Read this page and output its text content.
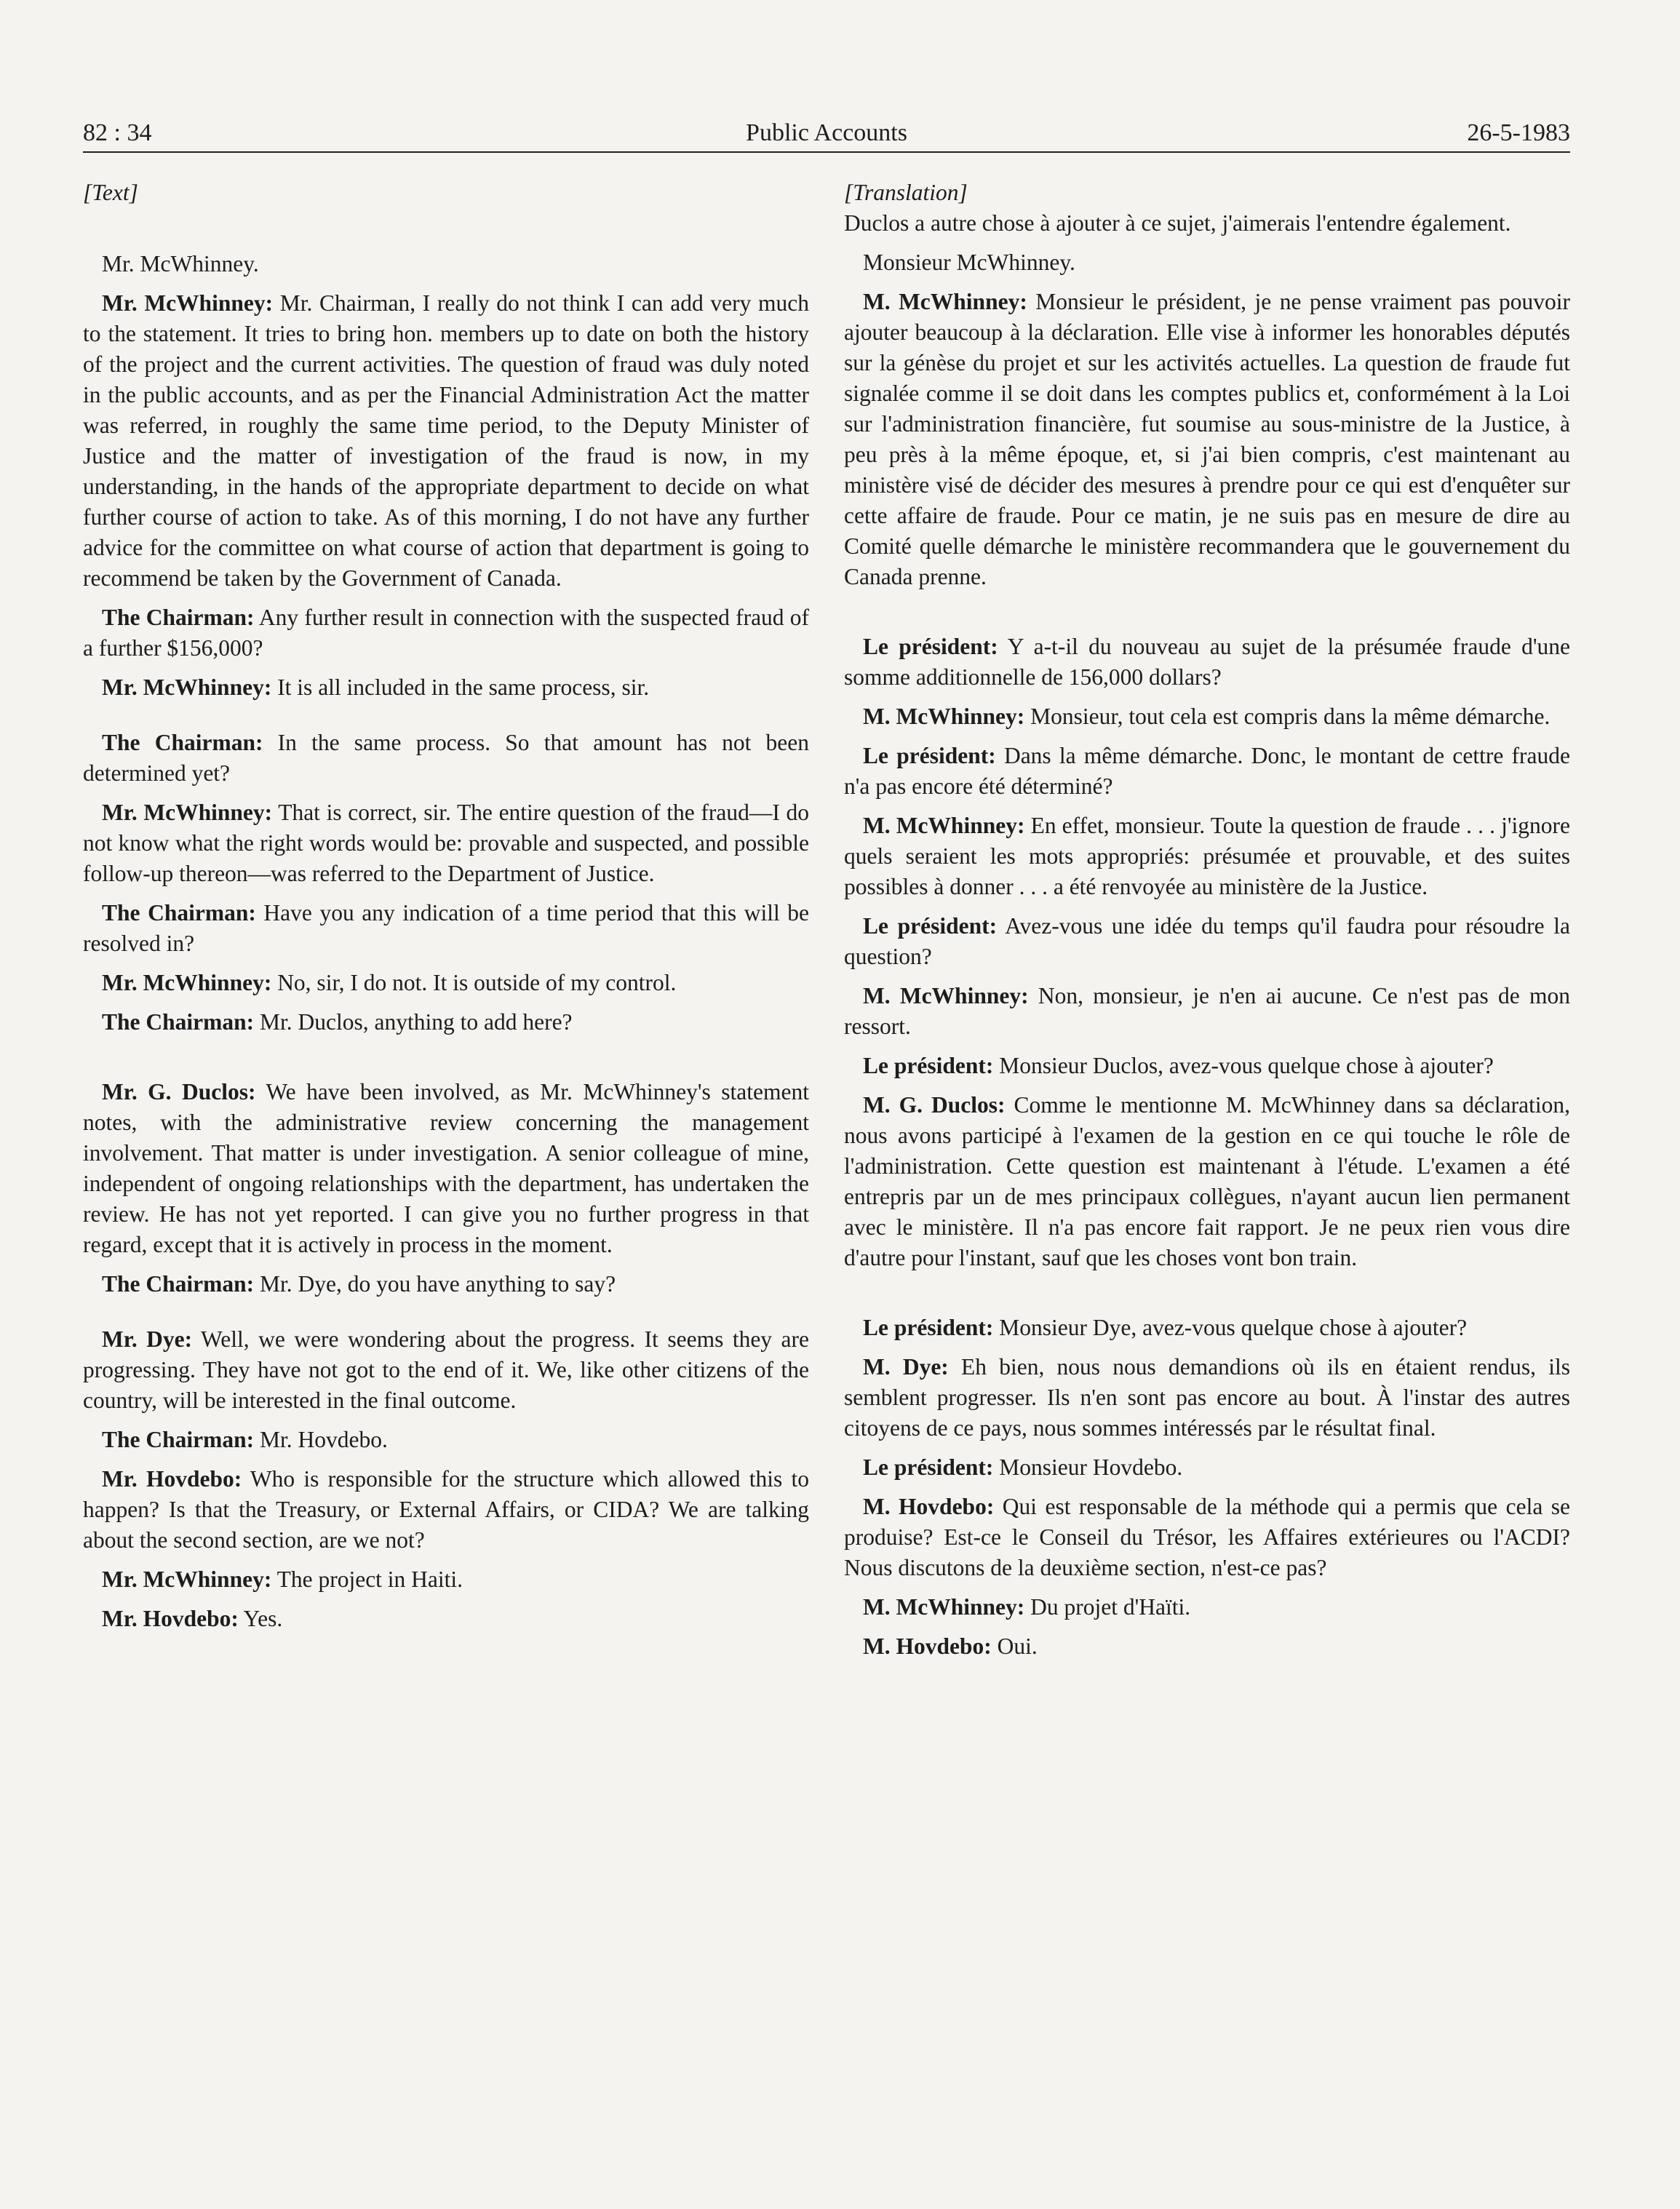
82 : 34	Public Accounts	26-5-1983
[Text]

Mr. McWhinney.

Mr. McWhinney: Mr. Chairman, I really do not think I can add very much to the statement. It tries to bring hon. members up to date on both the history of the project and the current activities. The question of fraud was duly noted in the public accounts, and as per the Financial Administration Act the matter was referred, in roughly the same time period, to the Deputy Minister of Justice and the matter of investigation of the fraud is now, in my understanding, in the hands of the appropriate department to decide on what further course of action to take. As of this morning, I do not have any further advice for the committee on what course of action that department is going to recommend be taken by the Government of Canada.

The Chairman: Any further result in connection with the suspected fraud of a further $156,000?

Mr. McWhinney: It is all included in the same process, sir.

The Chairman: In the same process. So that amount has not been determined yet?

Mr. McWhinney: That is correct, sir. The entire question of the fraud—I do not know what the right words would be: provable and suspected, and possible follow-up thereon—was referred to the Department of Justice.

The Chairman: Have you any indication of a time period that this will be resolved in?

Mr. McWhinney: No, sir, I do not. It is outside of my control.

The Chairman: Mr. Duclos, anything to add here?

Mr. G. Duclos: We have been involved, as Mr. McWhinney's statement notes, with the administrative review concerning the management involvement. That matter is under investigation. A senior colleague of mine, independent of ongoing relationships with the department, has undertaken the review. He has not yet reported. I can give you no further progress in that regard, except that it is actively in process in the moment.

The Chairman: Mr. Dye, do you have anything to say?

Mr. Dye: Well, we were wondering about the progress. It seems they are progressing. They have not got to the end of it. We, like other citizens of the country, will be interested in the final outcome.

The Chairman: Mr. Hovdebo.

Mr. Hovdebo: Who is responsible for the structure which allowed this to happen? Is that the Treasury, or External Affairs, or CIDA? We are talking about the second section, are we not?

Mr. McWhinney: The project in Haiti.

Mr. Hovdebo: Yes.

[Translation]

Duclos a autre chose à ajouter à ce sujet, j'aimerais l'entendre également.

Monsieur McWhinney.

M. McWhinney: Monsieur le président, je ne pense vraiment pas pouvoir ajouter beaucoup à la déclaration. Elle vise à informer les honorables députés sur la génèse du projet et sur les activités actuelles. La question de fraude fut signalée comme il se doit dans les comptes publics et, conformément à la Loi sur l'administration financière, fut soumise au sous-ministre de la Justice, à peu près à la même époque, et, si j'ai bien compris, c'est maintenant au ministère visé de décider des mesures à prendre pour ce qui est d'enquêter sur cette affaire de fraude. Pour ce matin, je ne suis pas en mesure de dire au Comité quelle démarche le ministère recommandera que le gouvernement du Canada prenne.

Le président: Y a-t-il du nouveau au sujet de la présumée fraude d'une somme additionnelle de 156,000 dollars?

M. McWhinney: Monsieur, tout cela est compris dans la même démarche.

Le président: Dans la même démarche. Donc, le montant de cettre fraude n'a pas encore été déterminé?

M. McWhinney: En effet, monsieur. Toute la question de fraude . . . j'ignore quels seraient les mots appropriés: présumée et prouvable, et des suites possibles à donner . . . a été renvoyée au ministère de la Justice.

Le président: Avez-vous une idée du temps qu'il faudra pour résoudre la question?

M. McWhinney: Non, monsieur, je n'en ai aucune. Ce n'est pas de mon ressort.

Le président: Monsieur Duclos, avez-vous quelque chose à ajouter?

M. G. Duclos: Comme le mentionne M. McWhinney dans sa déclaration, nous avons participé à l'examen de la gestion en ce qui touche le rôle de l'administration. Cette question est maintenant à l'étude. L'examen a été entrepris par un de mes principaux collègues, n'ayant aucun lien permanent avec le ministère. Il n'a pas encore fait rapport. Je ne peux rien vous dire d'autre pour l'instant, sauf que les choses vont bon train.

Le président: Monsieur Dye, avez-vous quelque chose à ajouter?

M. Dye: Eh bien, nous nous demandions où ils en étaient rendus, ils semblent progresser. Ils n'en sont pas encore au bout. À l'instar des autres citoyens de ce pays, nous sommes intéressés par le résultat final.

Le président: Monsieur Hovdebo.

M. Hovdebo: Qui est responsable de la méthode qui a permis que cela se produise? Est-ce le Conseil du Trésor, les Affaires extérieures ou l'ACDI? Nous discutons de la deuxième section, n'est-ce pas?

M. McWhinney: Du projet d'Haïti.

M. Hovdebo: Oui.
